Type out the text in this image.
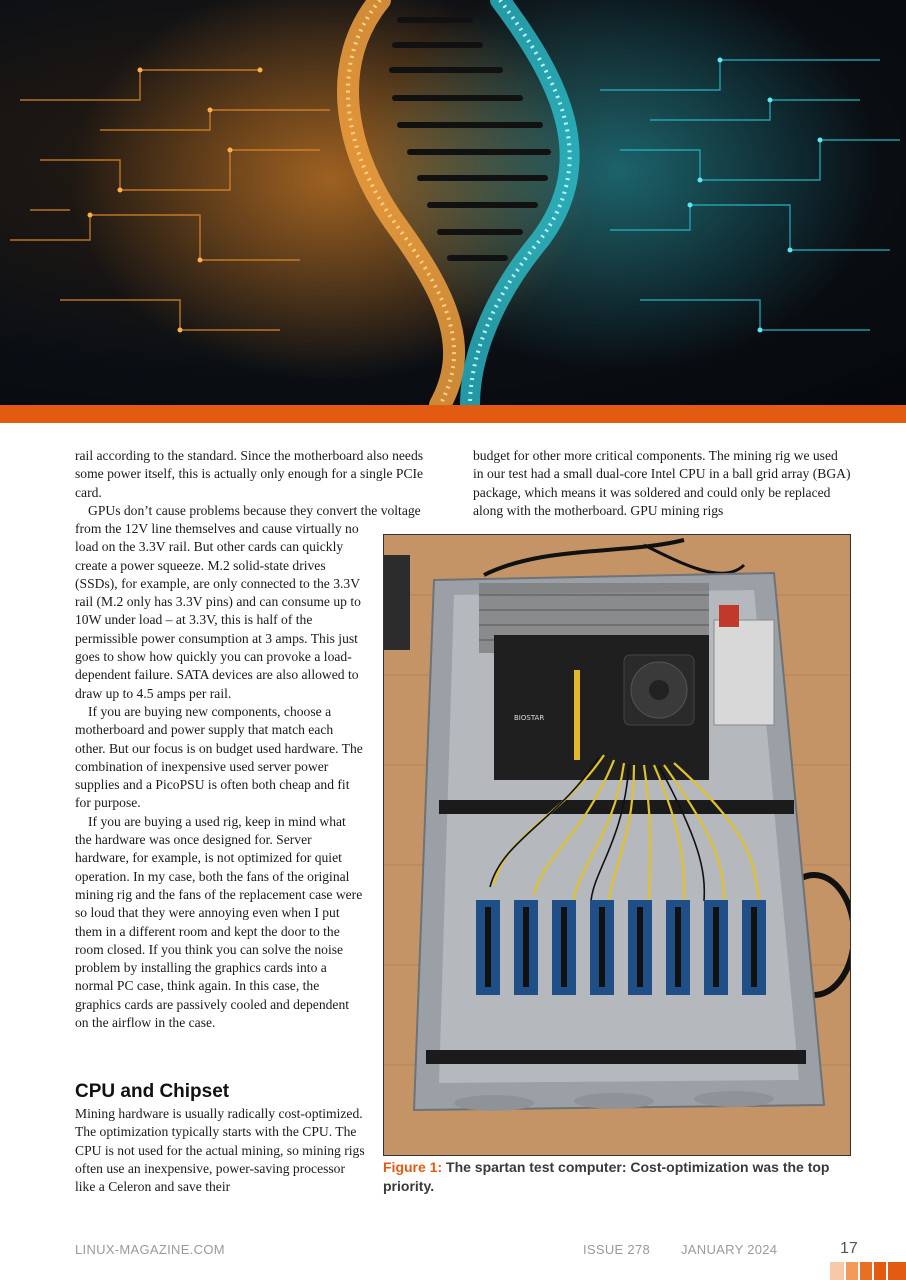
rail according to the standard. Since the motherboard also needs some power itself, this is actually only enough for a single PCIe card.

GPUs don’t cause problems because they convert the voltage

from the 12V line themselves and cause virtually no load on the 3.3V rail. But other cards can quickly create a power squeeze. M.2 solid-state drives (SSDs), for example, are only connected to the 3.3V rail (M.2 only has 3.3V pins) and can consume up to 10W under load – at 3.3V, this is half of the permissible power consumption at 3 amps. This just goes to show how quickly you can provoke a load-dependent failure. SATA devices are also allowed to draw up to 4.5 amps per rail.

If you are buying new components, choose a motherboard and power supply that match each other. But our focus is on budget used hardware. The combination of inexpensive used server power supplies and a PicoPSU is often both cheap and fit for purpose.

If you are buying a used rig, keep in mind what the hardware was once designed for. Server hardware, for example, is not optimized for quiet operation. In my case, both the fans of the original mining rig and the fans of the replacement case were so loud that they were annoying even when I put them in a different room and kept the door to the room closed. If you think you can solve the noise problem by installing the graphics cards into a normal PC case, think again. In this case, the graphics cards are passively cooled and dependent on the airflow in the case.

budget for other more critical components. The mining rig we used in our test had a small dual-core Intel CPU in a ball grid array (BGA) package, which means it was soldered and could only be replaced along with the motherboard. GPU mining rigs

CPU and Chipset

Mining hardware is usually radically cost-optimized. The optimization typically starts with the CPU. The CPU is not used for the actual mining, so mining rigs often use an inexpensive, power-saving processor like a Celeron and save their

BIOSTAR
Figure 1: The spartan test computer: Cost-optimization was the top priority.
LINUX-MAGAZINE.COM	ISSUE 278 JANUARY 2024	17
